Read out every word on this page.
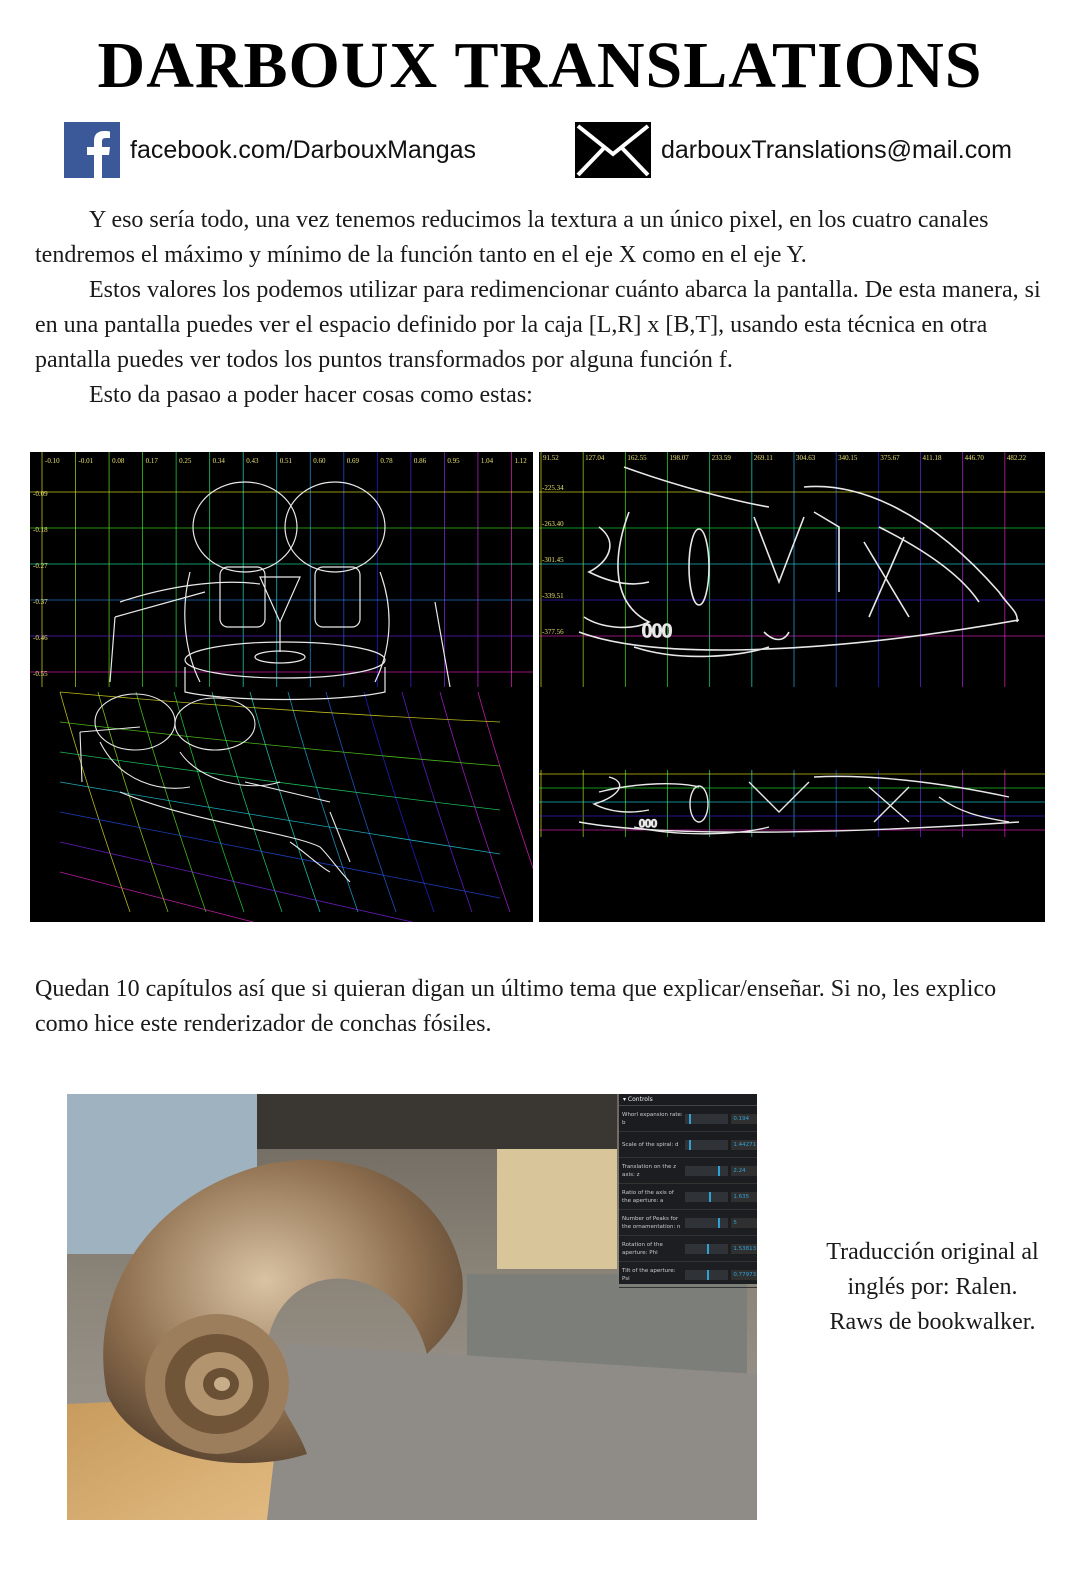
DARBOUX TRANSLATIONS
facebook.com/DarbouxMangas	darbouxTranslations@mail.com

Y eso sería todo, una vez tenemos reducimos la textura a un único pixel, en los cuatro canales tendremos el máximo y mínimo de la función tanto en el eje X como en el eje Y.

Estos valores los podemos utilizar para redimencionar cuánto abarca la pantalla. De esta manera, si en una pantalla puedes ver el espacio definido por la caja [L,R] x [B,T], usando esta técnica en otra pantalla puedes ver todos los puntos transformados por alguna función f.

Esto da pasao a poder hacer cosas como estas:

-0.10	-0.01	0.08	0.17	0.25	0.34	0.43	0.51	0.60	0.69	0.78	0.86	0.95	1.04	1.12
-0.09
-0.18
-0.27
-0.37
-0.46
-0.55
91.52	127.04	162.55	198.07	233.59	269.11	304.63	340.15	375.67	411.18	446.70	482.22
-225.34
-263.40
-301.45
-339.51
-377.56	000
000

Quedan 10 capítulos así que si quieran digan un último tema que explicar/enseñar. Si no, les explico como hice este renderizador de conchas fósiles.

▾ Controls
Whorl expansion rate: b
0.194
Scale of the spiral: d	1.44271
Translation on the z axis: z
2.24
Ratio of the axis of the aperture: a
1.635
Number of Peaks for the ornamentation: n
5
Rotation of the aperture: Phi
1.53813
Tilt of the aperture: Psi
0.77973
Traducción original al inglés por: Ralen. Raws de bookwalker.
